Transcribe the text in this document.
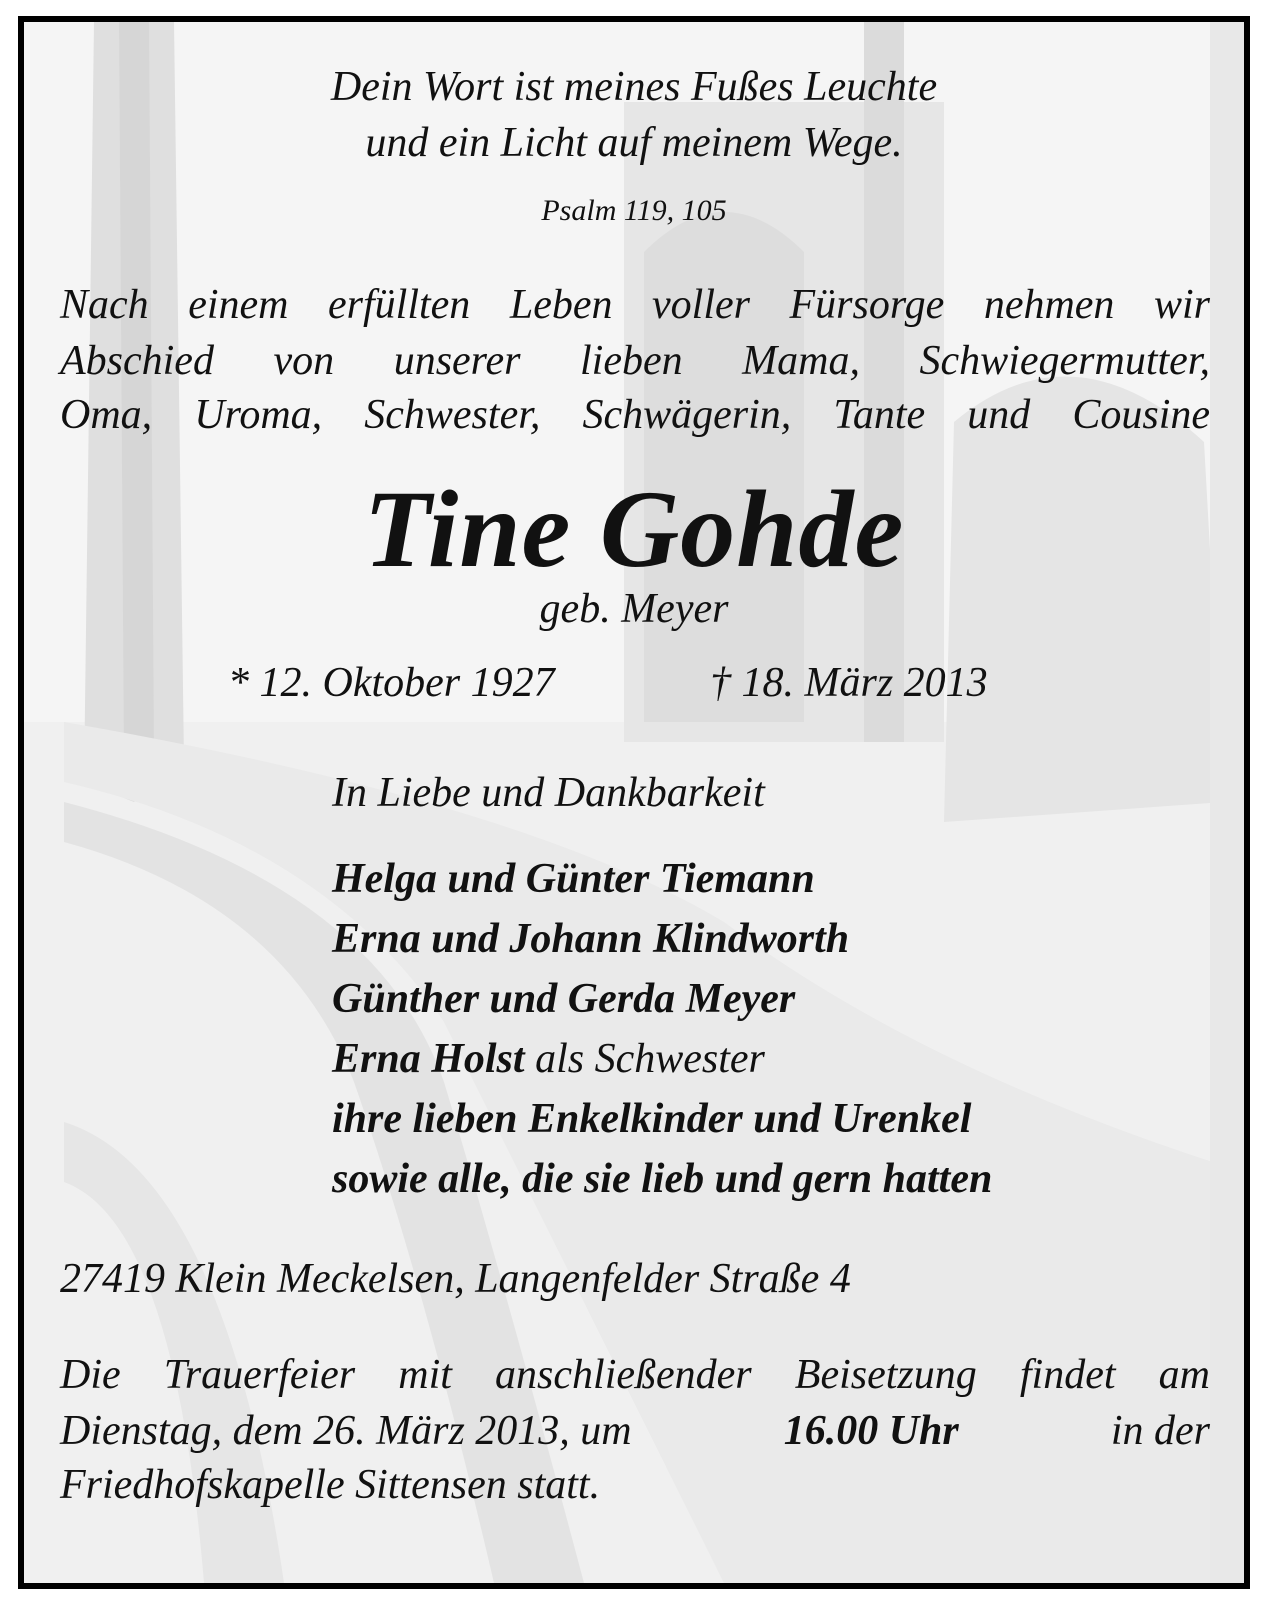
Dein Wort ist meines Fußes Leuchte
und ein Licht auf meinem Wege.
Psalm 119, 105
Nach einem erfüllten Leben voller Fürsorge nehmen wir
Abschied von unserer lieben Mama, Schwiegermutter,
Oma, Uroma, Schwester, Schwägerin, Tante und Cousine
Tine Gohde
geb. Meyer
* 12. Oktober 1927	† 18. März 2013
In Liebe und Dankbarkeit
Helga und Günter Tiemann
Erna und Johann Klindworth
Günther und Gerda Meyer
Erna Holst als Schwester
ihre lieben Enkelkinder und Urenkel
sowie alle, die sie lieb und gern hatten
27419 Klein Meckelsen, Langenfelder Straße 4
Die Trauerfeier mit anschließender Beisetzung findet am
Dienstag, dem 26. März 2013, um	16.00 Uhr	in der
Friedhofskapelle Sittensen statt.
